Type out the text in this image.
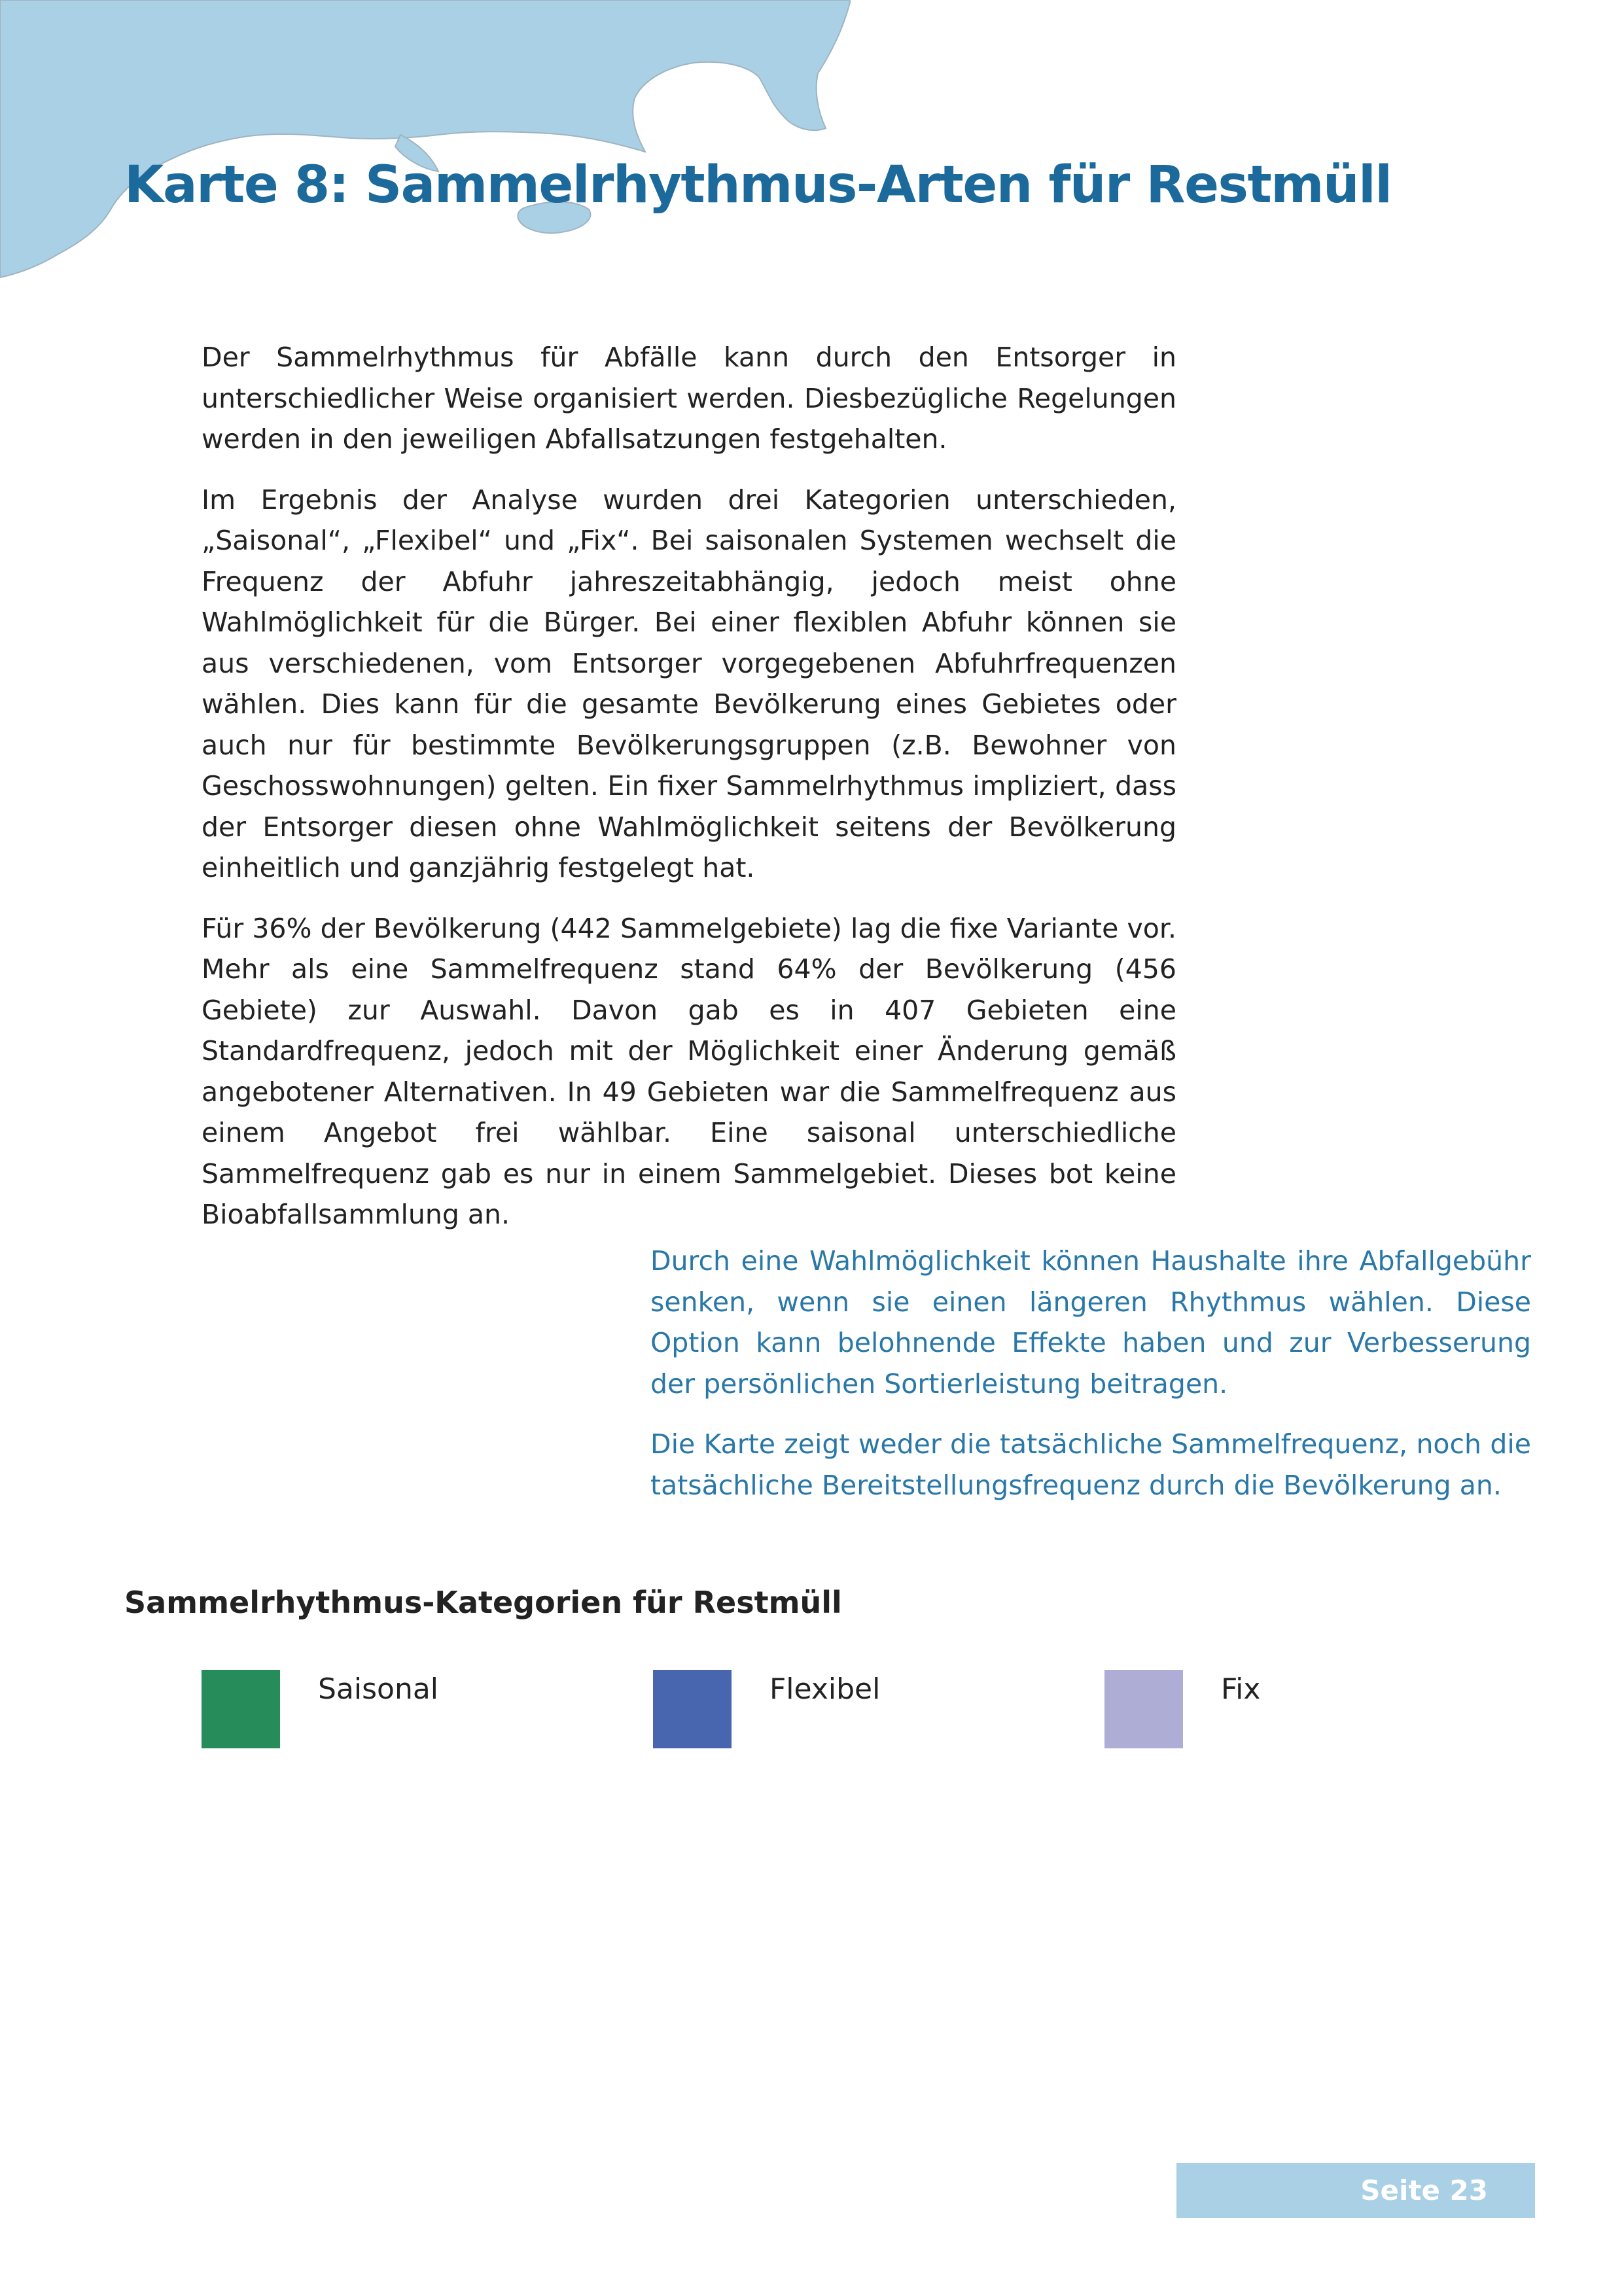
Karte 8: Sammelrhythmus-Arten für Restmüll

Der Sammelrhythmus für Abfälle kann durch den Entsorger in unterschiedlicher Weise organisiert werden. Diesbezügliche Regelungen werden in den jeweiligen Abfallsatzungen festgehalten.

Im Ergebnis der Analyse wurden drei Kategorien unterschieden, „Saisonal“, „Flexibel“ und „Fix“. Bei saisonalen Systemen wechselt die Frequenz der Abfuhr jahreszeitabhängig, jedoch meist ohne Wahlmöglichkeit für die Bürger. Bei einer flexiblen Abfuhr können sie aus verschiedenen, vom Entsorger vorgegebenen Abfuhrfrequenzen wählen. Dies kann für die gesamte Bevölkerung eines Gebietes oder auch nur für bestimmte Bevölkerungsgruppen (z.B. Bewohner von Geschosswohnungen) gelten. Ein fixer Sammelrhythmus impliziert, dass der Entsorger diesen ohne Wahlmöglichkeit seitens der Bevölkerung einheitlich und ganzjährig festgelegt hat.

Für 36% der Bevölkerung (442 Sammelgebiete) lag die fixe Variante vor. Mehr als eine Sammelfrequenz stand 64% der Bevölkerung (456 Gebiete) zur Auswahl. Davon gab es in 407 Gebieten eine Standardfrequenz, jedoch mit der Möglichkeit einer Änderung gemäß angebotener Alternativen. In 49 Gebieten war die Sammelfrequenz aus einem Angebot frei wählbar. Eine saisonal unterschiedliche Sammelfrequenz gab es nur in einem Sammelgebiet. Dieses bot keine Bioabfallsammlung an.

Durch eine Wahlmöglichkeit können Haushalte ihre Abfallgebühr senken, wenn sie einen längeren Rhythmus wählen. Diese Option kann belohnende Effekte haben und zur Verbesserung der persönlichen Sortierleistung beitragen.

Die Karte zeigt weder die tatsächliche Sammelfrequenz, noch die tatsächliche Bereitstellungsfrequenz durch die Bevölkerung an.

Sammelrhythmus-Kategorien für Restmüll
Saisonal	Flexibel	Fix
Seite 23
